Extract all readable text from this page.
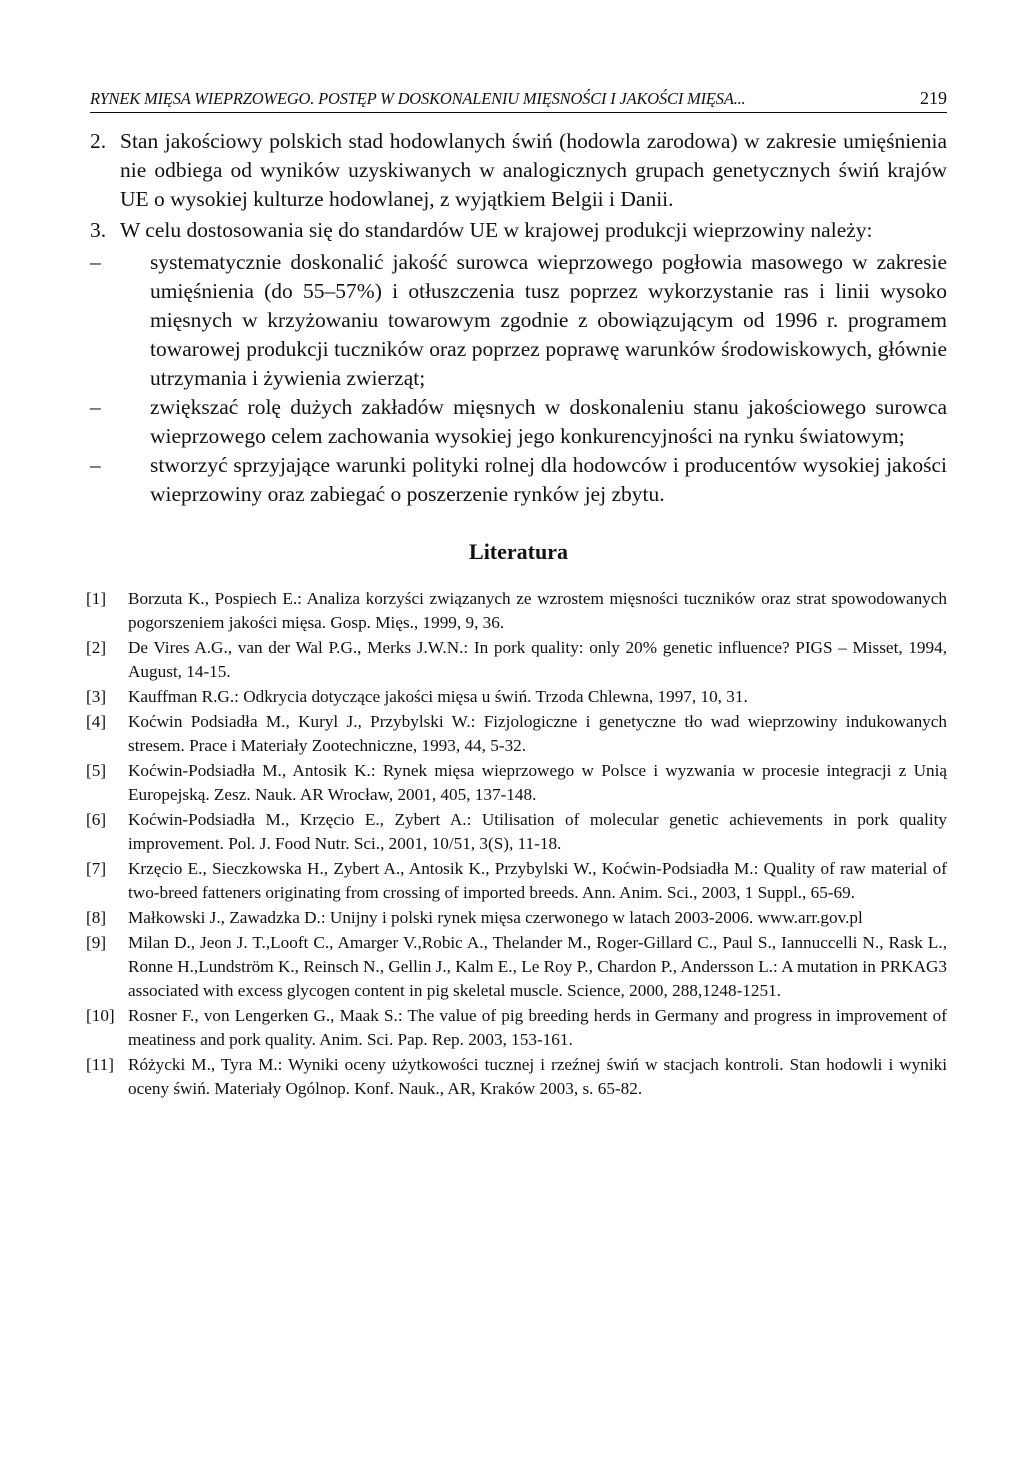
RYNEK MIĘSA WIEPRZOWEGO. POSTĘP W DOSKONALENIU MIĘSNOŚCI I JAKOŚCI MIĘSA...	219
2. Stan jakościowy polskich stad hodowlanych świń (hodowla zarodowa) w zakresie umięśnienia nie odbiega od wyników uzyskiwanych w analogicznych grupach genetycznych świń krajów UE o wysokiej kulturze hodowlanej, z wyjątkiem Belgii i Danii.
3. W celu dostosowania się do standardów UE w krajowej produkcji wieprzowiny należy:
–	systematycznie doskonalić jakość surowca wieprzowego pogłowia masowego w zakresie umięśnienia (do 55–57%) i otłuszczenia tusz poprzez wykorzystanie ras i linii wysoko mięsnych w krzyżowaniu towarowym zgodnie z obowiązującym od 1996 r. programem towarowej produkcji tuczników oraz poprzez poprawę warunków środowiskowych, głównie utrzymania i żywienia zwierząt;
–	zwiększać rolę dużych zakładów mięsnych w doskonaleniu stanu jakościowego surowca wieprzowego celem zachowania wysokiej jego konkurencyjności na rynku światowym;
–	stworzyć sprzyjające warunki polityki rolnej dla hodowców i producentów wysokiej jakości wieprzowiny oraz zabiegać o poszerzenie rynków jej zbytu.
Literatura
[1]	Borzuta K., Pospiech E.: Analiza korzyści związanych ze wzrostem mięsności tuczników oraz strat spowodowanych pogorszeniem jakości mięsa. Gosp. Mięs., 1999, 9, 36.
[2]	De Vires A.G., van der Wal P.G., Merks J.W.N.: In pork quality: only 20% genetic influence? PIGS – Misset, 1994, August, 14-15.
[3]	Kauffman R.G.: Odkrycia dotyczące jakości mięsa u świń. Trzoda Chlewna, 1997, 10, 31.
[4]	Koćwin Podsiadła M., Kuryl J., Przybylski W.: Fizjologiczne i genetyczne tło wad wieprzowiny indukowanych stresem. Prace i Materiały Zootechniczne, 1993, 44, 5-32.
[5]	Koćwin-Podsiadła M., Antosik K.: Rynek mięsa wieprzowego w Polsce i wyzwania w procesie integracji z Unią Europejską. Zesz. Nauk. AR Wrocław, 2001, 405, 137-148.
[6]	Koćwin-Podsiadła M., Krzęcio E., Zybert A.: Utilisation of molecular genetic achievements in pork quality improvement. Pol. J. Food Nutr. Sci., 2001, 10/51, 3(S), 11-18.
[7]	Krzęcio E., Sieczkowska H., Zybert A., Antosik K., Przybylski W., Koćwin-Podsiadła M.: Quality of raw material of two-breed fatteners originating from crossing of imported breeds. Ann. Anim. Sci., 2003, 1 Suppl., 65-69.
[8]	Małkowski J., Zawadzka D.: Unijny i polski rynek mięsa czerwonego w latach 2003-2006. www.arr.gov.pl
[9]	Milan D., Jeon J. T.,Looft C., Amarger V.,Robic A., Thelander M., Roger-Gillard C., Paul S., Iannuccelli N., Rask L., Ronne H.,Lundström K., Reinsch N., Gellin J., Kalm E., Le Roy P., Chardon P., Andersson L.: A mutation in PRKAG3 associated with excess glycogen content in pig skeletal muscle. Science, 2000, 288,1248-1251.
[10] Rosner F., von Lengerken G., Maak S.: The value of pig breeding herds in Germany and progress in improvement of meatiness and pork quality. Anim. Sci. Pap. Rep. 2003, 153-161.
[11] Różycki M., Tyra M.: Wyniki oceny użytkowości tucznej i rzeźnej świń w stacjach kontroli. Stan hodowli i wyniki oceny świń. Materiały Ogólnop. Konf. Nauk., AR, Kraków 2003, s. 65-82.
